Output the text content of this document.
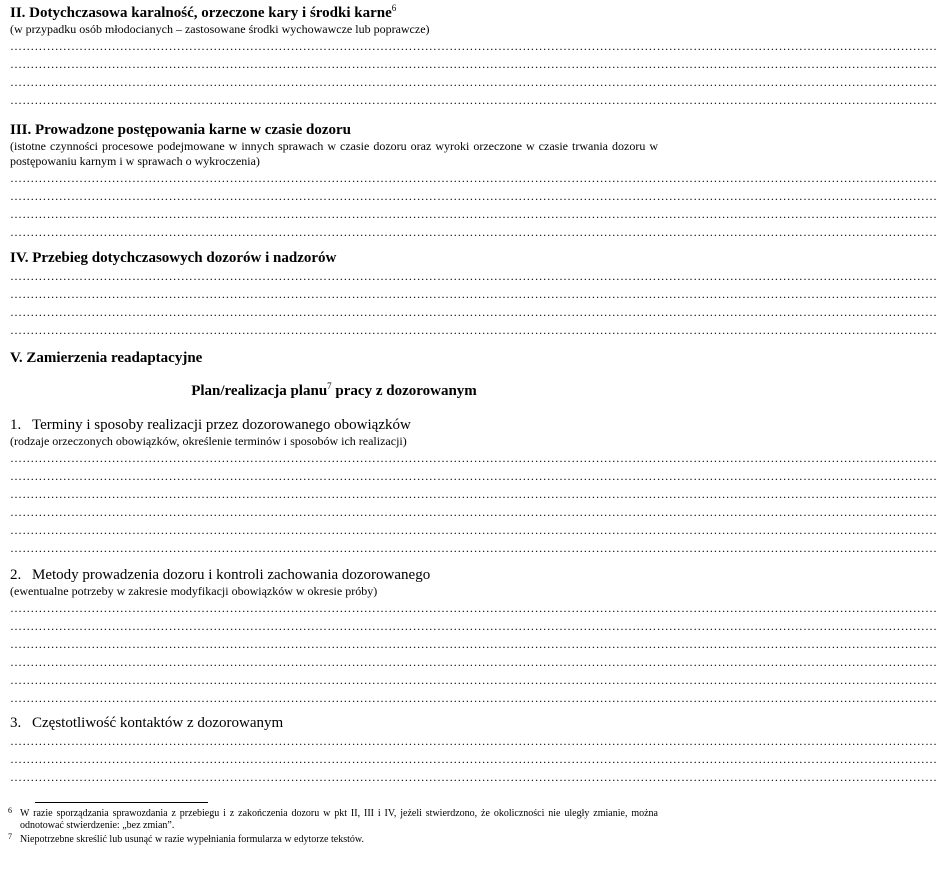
II. Dotychczasowa karalność, orzeczone kary i środki karne$^6$
(w przypadku osób młodocianych – zastosowane środki wychowawcze lub poprawcze)
…………………………………………………………………………………………………………………………………………………………………………………………………………
…………………………………………………………………………………………………………………………………………………………………………………………………………
…………………………………………………………………………………………………………………………………………………………………………………………………………
…………………………………………………………………………………………………………………………………………………………………………………………………………
III. Prowadzone postępowania karne w czasie dozoru
(istotne czynności procesowe podejmowane w innych sprawach w czasie dozoru oraz wyroki orzeczone w czasie trwania dozoru w postępowaniu karnym i w sprawach o wykroczenia)
…………………………………………………………………………………………………………………………………………………………………………………………………………
…………………………………………………………………………………………………………………………………………………………………………………………………………
…………………………………………………………………………………………………………………………………………………………………………………………………………
…………………………………………………………………………………………………………………………………………………………………………………………………………
IV. Przebieg dotychczasowych dozorów i nadzorów
…………………………………………………………………………………………………………………………………………………………………………………………………………
…………………………………………………………………………………………………………………………………………………………………………………………………………
…………………………………………………………………………………………………………………………………………………………………………………………………………
…………………………………………………………………………………………………………………………………………………………………………………………………………
V. Zamierzenia readaptacyjne
Plan/realizacja planu$^7$ pracy z dozorowanym
1. Terminy i sposoby realizacji przez dozorowanego obowiązków
(rodzaje orzeczonych obowiązków, określenie terminów i sposobów ich realizacji)
…………………………………………………………………………………………………………………………………………………………………………………………………………
…………………………………………………………………………………………………………………………………………………………………………………………………………
…………………………………………………………………………………………………………………………………………………………………………………………………………
…………………………………………………………………………………………………………………………………………………………………………………………………………
…………………………………………………………………………………………………………………………………………………………………………………………………………
…………………………………………………………………………………………………………………………………………………………………………………………………………
2. Metody prowadzenia dozoru i kontroli zachowania dozorowanego
(ewentualne potrzeby w zakresie modyfikacji obowiązków w okresie próby)
…………………………………………………………………………………………………………………………………………………………………………………………………………
…………………………………………………………………………………………………………………………………………………………………………………………………………
…………………………………………………………………………………………………………………………………………………………………………………………………………
…………………………………………………………………………………………………………………………………………………………………………………………………………
…………………………………………………………………………………………………………………………………………………………………………………………………………
…………………………………………………………………………………………………………………………………………………………………………………………………………
3. Częstotliwość kontaktów z dozorowanym
…………………………………………………………………………………………………………………………………………………………………………………………………………
…………………………………………………………………………………………………………………………………………………………………………………………………………
…………………………………………………………………………………………………………………………………………………………………………………………………………
6 W razie sporządzania sprawozdania z przebiegu i z zakończenia dozoru w pkt II, III i IV, jeżeli stwierdzono, że okoliczności nie uległy zmianie, można odnotować stwierdzenie: „bez zmian”.
7 Niepotrzebne skreślić lub usunąć w razie wypełniania formularza w edytorze tekstów.
